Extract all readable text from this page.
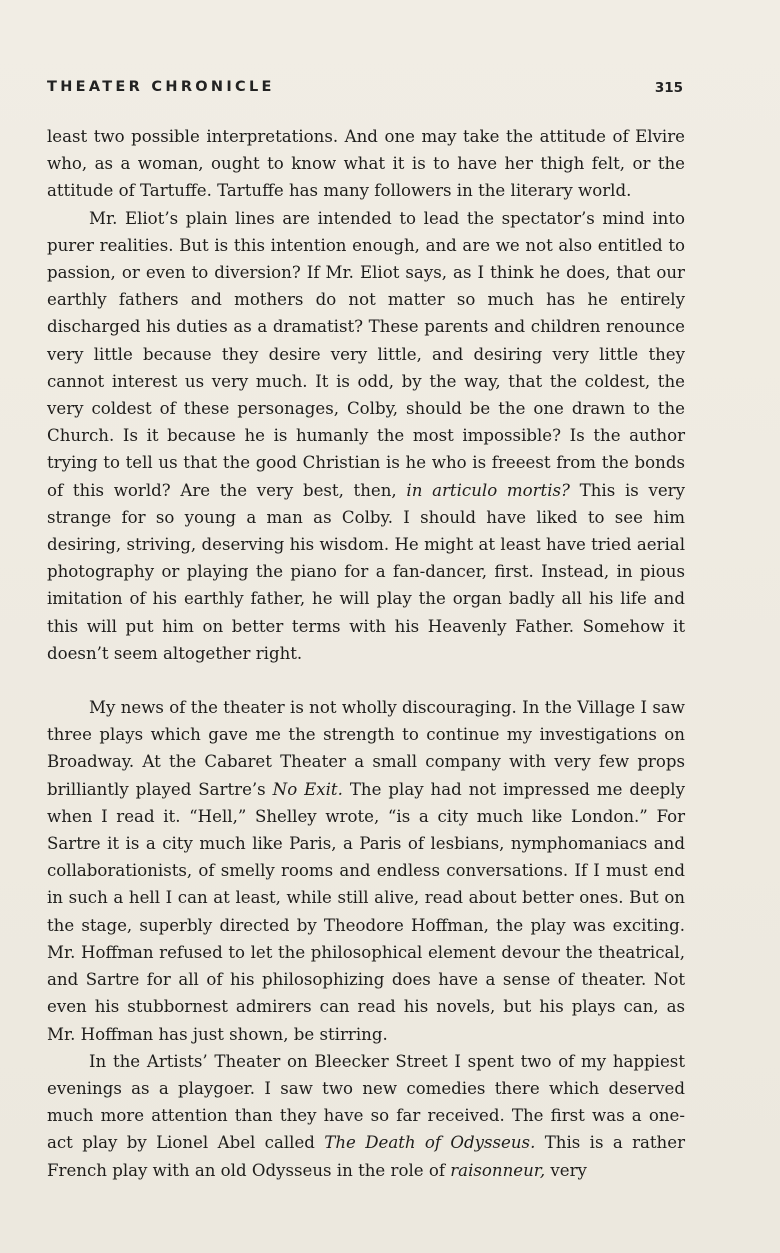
THEATER CHRONICLE	315

least two possible interpretations. And one may take the attitude of Elvire who, as a woman, ought to know what it is to have her thigh felt, or the attitude of Tartuffe. Tartuffe has many followers in the literary world.

Mr. Eliot’s plain lines are intended to lead the spectator’s mind into purer realities. But is this intention enough, and are we not also entitled to passion, or even to diversion? If Mr. Eliot says, as I think he does, that our earthly fathers and mothers do not matter so much has he entirely discharged his duties as a dramatist? These parents and children renounce very little because they desire very little, and desiring very little they cannot interest us very much. It is odd, by the way, that the coldest, the very coldest of these personages, Colby, should be the one drawn to the Church. Is it because he is humanly the most impossible? Is the author trying to tell us that the good Christian is he who is freeest from the bonds of this world? Are the very best, then, in articulo mortis? This is very strange for so young a man as Colby. I should have liked to see him desiring, striving, deserving his wisdom. He might at least have tried aerial photography or playing the piano for a fan-dancer, first. Instead, in pious imitation of his earthly father, he will play the organ badly all his life and this will put him on better terms with his Heavenly Father. Somehow it doesn’t seem altogether right.

My news of the theater is not wholly discouraging. In the Village I saw three plays which gave me the strength to continue my investigations on Broadway. At the Cabaret Theater a small company with very few props brilliantly played Sartre’s No Exit. The play had not impressed me deeply when I read it. “Hell,” Shelley wrote, “is a city much like London.” For Sartre it is a city much like Paris, a Paris of lesbians, nymphomaniacs and collaborationists, of smelly rooms and endless conversations. If I must end in such a hell I can at least, while still alive, read about better ones. But on the stage, superbly directed by Theodore Hoffman, the play was exciting. Mr. Hoffman refused to let the philosophical element devour the theatrical, and Sartre for all of his philosophizing does have a sense of theater. Not even his stubbornest admirers can read his novels, but his plays can, as Mr. Hoffman has just shown, be stirring.

In the Artists’ Theater on Bleecker Street I spent two of my happiest evenings as a playgoer. I saw two new comedies there which deserved much more attention than they have so far received. The first was a one-act play by Lionel Abel called The Death of Odysseus. This is a rather French play with an old Odysseus in the role of raisonneur, very
